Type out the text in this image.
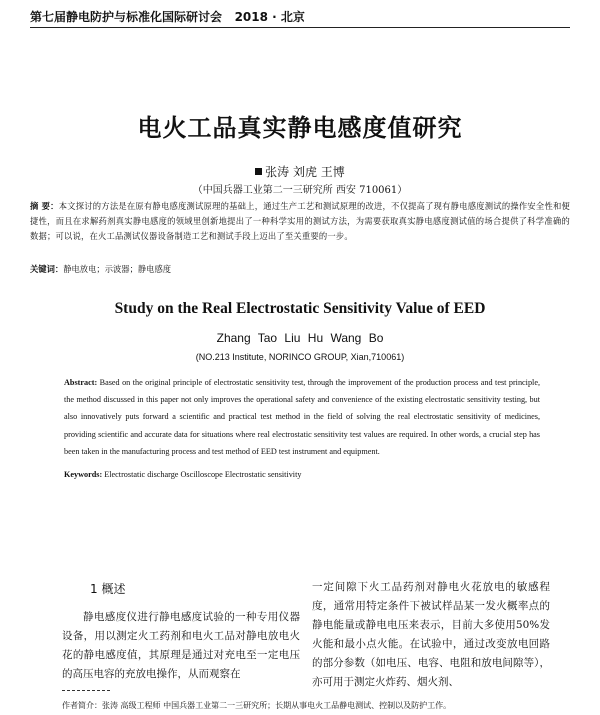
第七届静电防护与标准化国际研讨会 2018 · 北京
电火工品真实静电感度值研究
张涛 刘虎 王博
（中国兵器工业第二一三研究所 西安 710061）
摘 要：本文探讨的方法是在原有静电感度测试原理的基础上，通过生产工艺和测试原理的改进，不仅提高了现有静电感度测试的操作安全性和便捷性，而且在求解药剂真实静电感度的领域里创新地提出了一种科学实用的测试方法，为需要获取真实静电感度测试值的场合提供了科学准确的数据；可以说，在火工品测试仪器设备制造工艺和测试手段上迈出了至关重要的一步。
关键词：静电放电；示波器；静电感度
Study on the Real Electrostatic Sensitivity Value of EED
Zhang Tao Liu Hu Wang Bo
(NO.213 Institute, NORINCO GROUP, Xian,710061)
Abstract: Based on the original principle of electrostatic sensitivity test, through the improvement of the production process and test principle, the method discussed in this paper not only improves the operational safety and convenience of the existing electrostatic sensitivity testing, but also innovatively puts forward a scientific and practical test method in the field of solving the real electrostatic sensitivity of medicines, providing scientific and accurate data for situations where real electrostatic sensitivity test values are required. In other words, a crucial step has been taken in the manufacturing process and test method of EED test instrument and equipment.
Keywords: Electrostatic discharge Oscilloscope Electrostatic sensitivity
1 概述
静电感度仪进行静电感度试验的一种专用仪器设备，用以测定火工药剂和电火工品对静电放电火花的静电感度值，其原理是通过对充电至一定电压的高压电容的充放电操作，从而观察在
一定间隙下火工品药剂对静电火花放电的敏感程度，通常用特定条件下被试样品某一发火概率点的静电能量或静电电压来表示，目前大多使用50%发火能和最小点火能。在试验中，通过改变放电回路的部分参数（如电压、电容、电阻和放电间隙等），亦可用于测定火炸药、烟火剂、
作者简介：张涛 高级工程师 中国兵器工业第二一三研究所；长期从事电火工品静电测试、控制以及防护工作。
